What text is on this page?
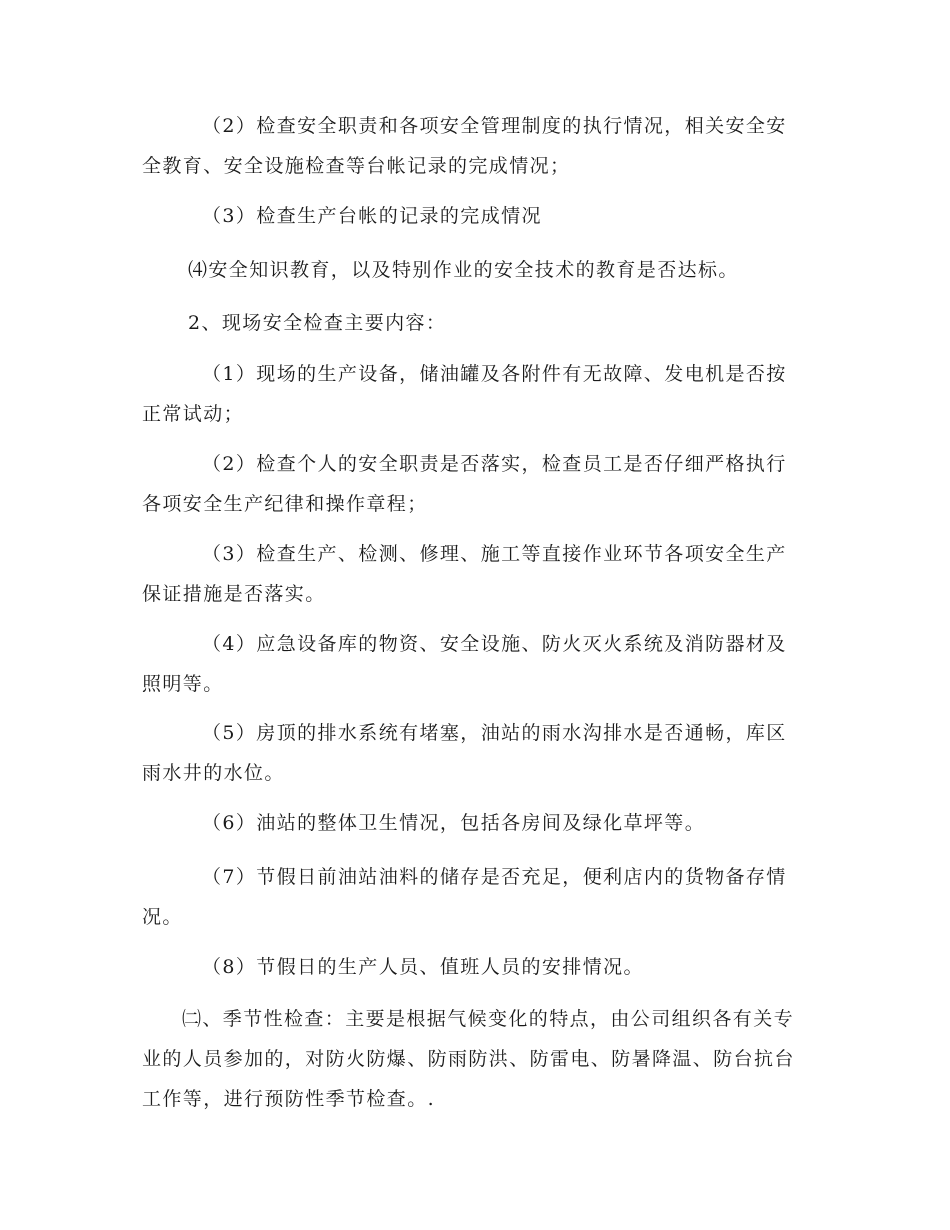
（2）检查安全职责和各项安全管理制度的执行情况，相关安全安全教育、安全设施检查等台帐记录的完成情况；

（3）检查生产台帐的记录的完成情况

⑷安全知识教育，以及特别作业的安全技术的教育是否达标。

2、现场安全检查主要内容：

（1）现场的生产设备，储油罐及各附件有无故障、发电机是否按正常试动；

（2）检查个人的安全职责是否落实，检查员工是否仔细严格执行各项安全生产纪律和操作章程；

（3）检查生产、检测、修理、施工等直接作业环节各项安全生产保证措施是否落实。

（4）应急设备库的物资、安全设施、防火灭火系统及消防器材及照明等。

（5）房顶的排水系统有堵塞，油站的雨水沟排水是否通畅，库区雨水井的水位。

（6）油站的整体卫生情况，包括各房间及绿化草坪等。

（7）节假日前油站油料的储存是否充足，便利店内的货物备存情况。

（8）节假日的生产人员、值班人员的安排情况。

㈡、季节性检查：主要是根据气候变化的特点，由公司组织各有关专业的人员参加的，对防火防爆、防雨防洪、防雷电、防暑降温、防台抗台工作等，进行预防性季节检查。.
